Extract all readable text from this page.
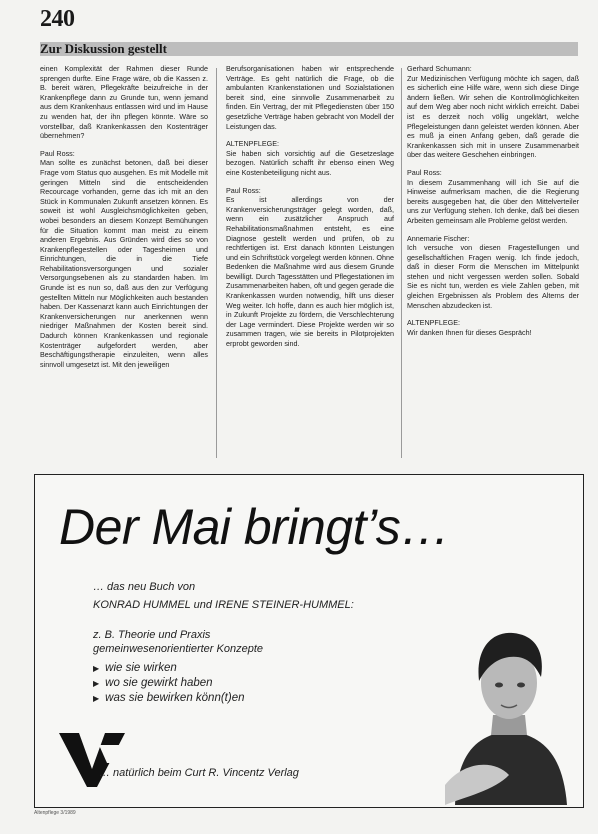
240
Zur Diskussion gestellt
einen Komplexität der Rahmen dieser Runde sprengen durfte. Eine Frage wäre, ob die Kassen z. B. bereit wären, Pflegekräfte beizufreiche in der Krankenpflege dann zu Grunde tun, wenn jemand aus dem Krankenhaus entlassen wird und im Hause zu wenden hat, der ihn pflegen könnte. Wäre so vorstellbar, daß Krankenkassen den Kostenträger übernehmen?
Paul Ross:
Man sollte es zunächst betonen, daß bei dieser Frage vom Status quo ausgehen. Es mit Modelle mit geringen Mitteln sind die entscheidenden Recourcage vorhanden, gerne das ich mit an den Stück in Kommunalen Zukunft ansetzen können. Es soweit ist wohl Ausgleichsmöglichkeiten geben, wobei besonders an diesem Konzept Bemühungen für die Situation kommt man meist zu einem anderen Ergebnis. Aus Gründen wird dies so von Krankenpflegestellen oder Tagesheimen und Einrichtungen, die in die Tiefe Rehabilitationsversorgungen und sozialer Versorgungsebenen als zu standarden haben. Im Grunde ist es nun so, daß aus den zur Verfügung gestellten Mitteln nur Möglichkeiten auch bestanden haben. Der Kassenarzt kann auch Einrichtungen der Krankenversicherungen nur anerkennen wenn niedriger Maßnahmen der Kosten bereit sind. Dadurch können Krankenkassen und regionale Kostenträger aufgefordert werden, aber Beschäftigungstherapie einzuleiten, wenn alles sinnvoll umgesetzt ist. Mit den jeweiligen
Berufsorganisationen haben wir entsprechende Verträge. Es geht natürlich die Frage, ob die ambulanten Krankenstationen und Sozialstationen bereit sind, eine sinnvolle Zusammenarbeit zu finden. Ein Vertrag, der mit Pflegediensten über 150 gesetzliche Verträge haben gebracht von Modell der Leistungen das.
ALTENPFLEGE:
Sie haben sich vorsichtig auf die Gesetzeslage bezogen. Natürlich schafft ihr ebenso einen Weg eine Kostenbeteiligung nicht aus.
Paul Ross:
Es ist allerdings von der Krankenversicherungsträger gelegt worden, daß, wenn ein zusätzlicher Anspruch auf Rehabilitationsmaßnahmen entsteht, es eine Diagnose gestellt werden und prüfen, ob zu rechtfertigen ist. Erst danach könnten Leistungen und ein Schriftstück vorgelegt werden können. Ohne Bedenken die Maßnahme wird aus diesem Grunde bewilligt. Durch Tagesstätten und Pflegestationen im Zusammenarbeiten haben, oft und gegen gerade die Krankenkassen wurden notwendig, hilft uns dieser Weg weiter. Ich hoffe, dann es auch hier möglich ist, in Zukunft Projekte zu fördern, die Verschlechterung der Lage vermindert. Diese Projekte werden wir so zusammen tragen, wie sie bereits in Pilotprojekten erprobt geworden sind.
Gerhard Schumann:
Zur Medizinischen Verfügung möchte ich sagen, daß es sicherlich eine Hilfe wäre, wenn sich diese Dinge ändern ließen. Wir sehen die Kontrollmöglichkeiten auf dem Weg aber noch nicht wirklich erreicht. Dabei ist es derzeit noch völlig ungeklärt, welche Pflegeleistungen dann geleistet werden können. Aber es muß ja einen Anfang geben, daß gerade die Krankenkassen sich mit in unsere Zusammenarbeit über das weitere Geschehen einbringen.
Paul Ross:
In diesem Zusammenhang will ich Sie auf die Hinweise aufmerksam machen, die die Regierung bereits ausgegeben hat, die über den Mittelverteiler uns zur Verfügung stehen. Ich denke, daß bei diesen Arbeiten gemeinsam alle Probleme gelöst werden.
Annemarie Fischer:
Ich versuche von diesen Fragestellungen und gesellschaftlichen Fragen wenig. Ich finde jedoch, daß in dieser Form die Menschen im Mittelpunkt stehen und nicht vergessen werden sollen. Sobald Sie es nicht tun, werden es viele Zahlen geben, mit gleichen Ergebnissen als Problem des Alterns der Menschen abzudecken ist.
ALTENPFLEGE:
Wir danken Ihnen für dieses Gespräch!
Der Mai bringt’s…
… das neu Buch von
KONRAD HUMMEL und IRENE STEINER-HUMMEL:
z. B. Theorie und Praxis
gemeinwesenorientierter Konzepte
▶ wie sie wirken
▶ wo sie gewirkt haben
▶ was sie bewirken könn(t)en
… natürlich beim Curt R. Vincentz Verlag
Altenpflege 3/1989
